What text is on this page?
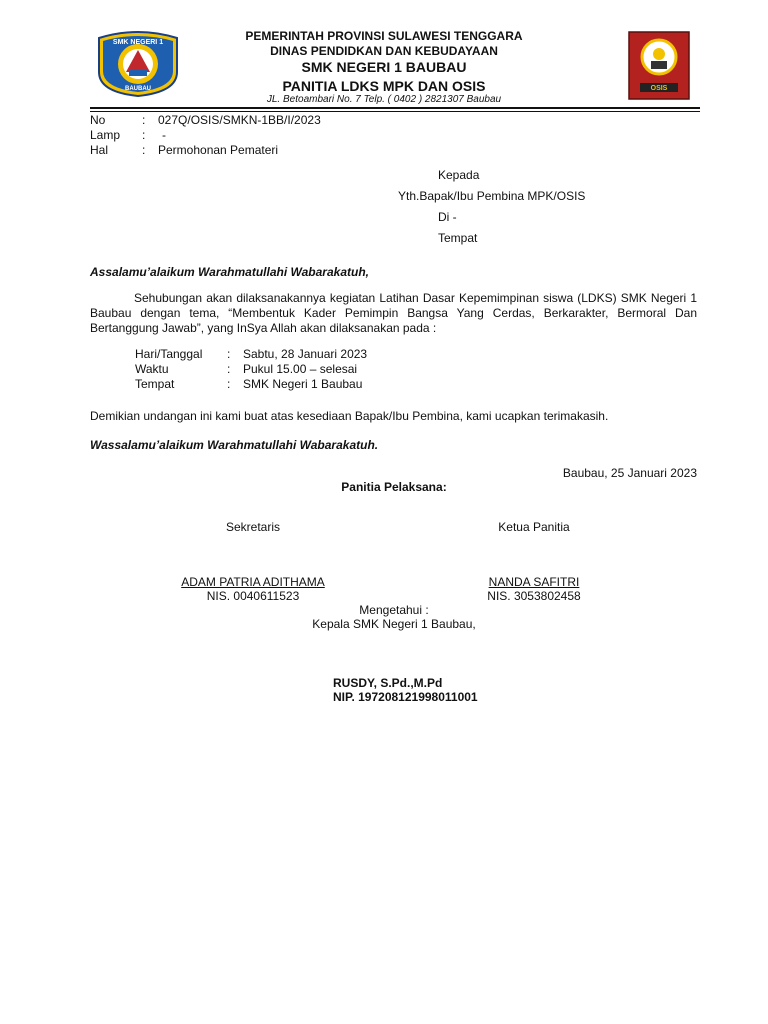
SMK NEGERI 1
BAUBAU	OSIS
PEMERINTAH PROVINSI SULAWESI TENGGARA
DINAS PENDIDKAN DAN KEBUDAYAAN
SMK NEGERI 1 BAUBAU
PANITIA LDKS MPK DAN OSIS
JL. Betoambari No. 7 Telp. ( 0402 ) 2821307 Baubau
No	: 027Q/OSIS/SMKN-1BB/I/2023
Lamp : -
Hal	: Permohonan Pemateri
Kepada
Yth.Bapak/Ibu Pembina MPK/OSIS
Di -
Tempat
Assalamu’alaikum Warahmatullahi Wabarakatuh,
Sehubungan akan dilaksanakannya kegiatan Latihan Dasar Kepemimpinan siswa (LDKS) SMK Negeri 1 Baubau dengan tema, “Membentuk Kader Pemimpin Bangsa Yang Cerdas, Berkarakter, Bermoral Dan Bertanggung Jawab”, yang InSya Allah akan dilaksanakan pada :
Hari/Tanggal : Sabtu, 28 Januari 2023
Waktu	: Pukul 15.00 – selesai
Tempat	: SMK Negeri 1 Baubau
Demikian undangan ini kami buat atas kesediaan Bapak/Ibu Pembina, kami ucapkan terimakasih.
Wassalamu’alaikum Warahmatullahi Wabarakatuh.
Baubau, 25 Januari 2023
Panitia Pelaksana:
Sekretaris	Ketua Panitia
ADAM PATRIA ADITHAMA	NANDA SAFITRI
NIS. 0040611523	NIS. 3053802458
Mengetahui :
Kepala SMK Negeri 1 Baubau,
RUSDY, S.Pd.,M.Pd
NIP. 197208121998011001
